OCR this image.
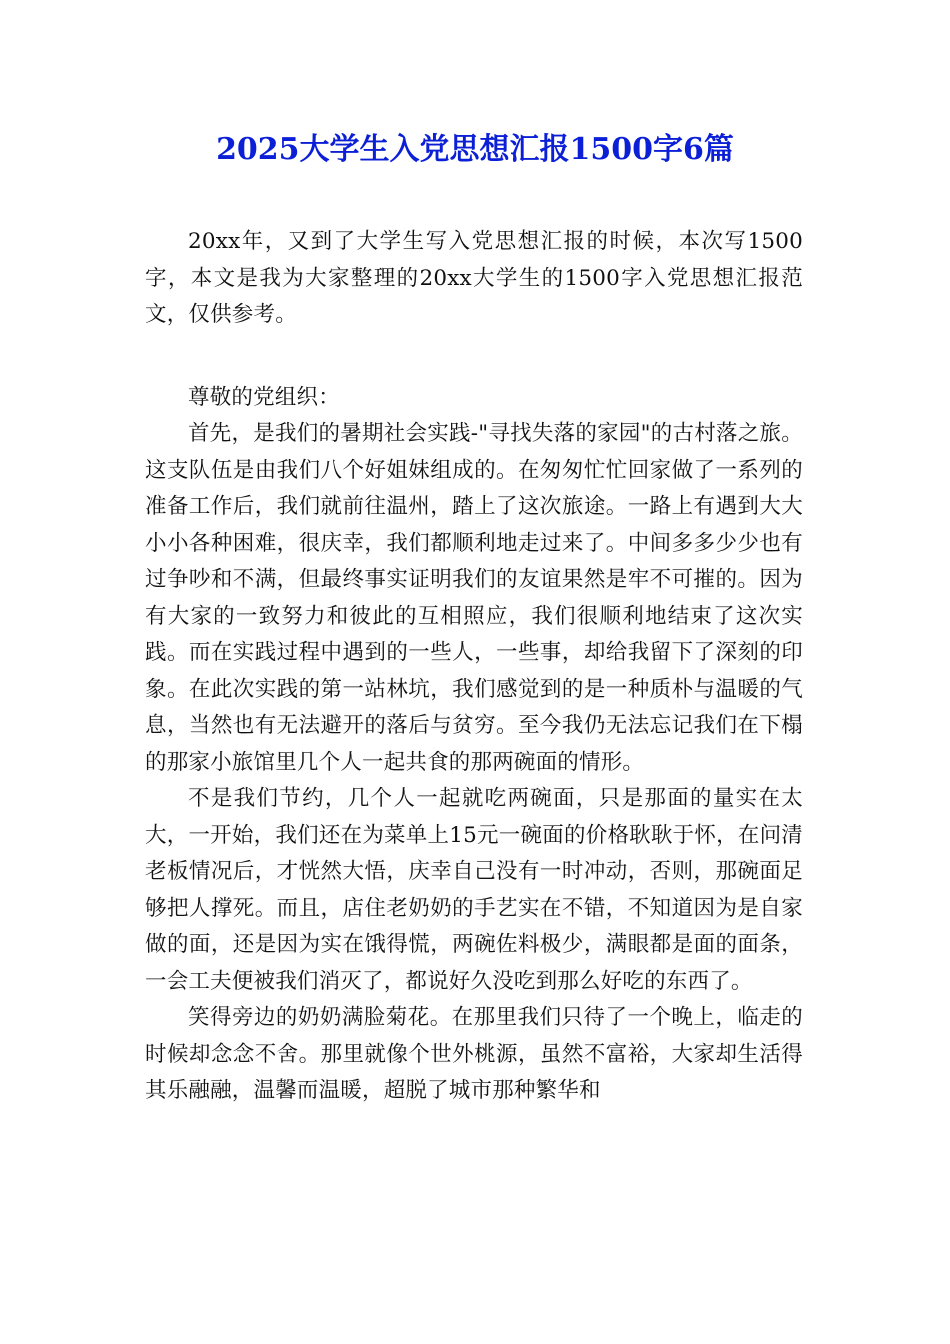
2025大学生入党思想汇报1500字6篇

20xx年，又到了大学生写入党思想汇报的时候，本次写1500字，本文是我为大家整理的20xx大学生的1500字入党思想汇报范文，仅供参考。

尊敬的党组织：

首先，是我们的暑期社会实践-"寻找失落的家园"的古村落之旅。这支队伍是由我们八个好姐妹组成的。在匆匆忙忙回家做了一系列的准备工作后，我们就前往温州，踏上了这次旅途。一路上有遇到大大小小各种困难，很庆幸，我们都顺利地走过来了。中间多多少少也有过争吵和不满，但最终事实证明我们的友谊果然是牢不可摧的。因为有大家的一致努力和彼此的互相照应，我们很顺利地结束了这次实践。而在实践过程中遇到的一些人，一些事，却给我留下了深刻的印象。在此次实践的第一站林坑，我们感觉到的是一种质朴与温暖的气息，当然也有无法避开的落后与贫穷。至今我仍无法忘记我们在下榻的那家小旅馆里几个人一起共食的那两碗面的情形。

不是我们节约，几个人一起就吃两碗面，只是那面的量实在太大，一开始，我们还在为菜单上15元一碗面的价格耿耿于怀，在问清老板情况后，才恍然大悟，庆幸自己没有一时冲动，否则，那碗面足够把人撑死。而且，店住老奶奶的手艺实在不错，不知道因为是自家做的面，还是因为实在饿得慌，两碗佐料极少，满眼都是面的面条，一会工夫便被我们消灭了，都说好久没吃到那么好吃的东西了。

笑得旁边的奶奶满脸菊花。在那里我们只待了一个晚上，临走的时候却念念不舍。那里就像个世外桃源，虽然不富裕，大家却生活得其乐融融，温馨而温暖，超脱了城市那种繁华和
